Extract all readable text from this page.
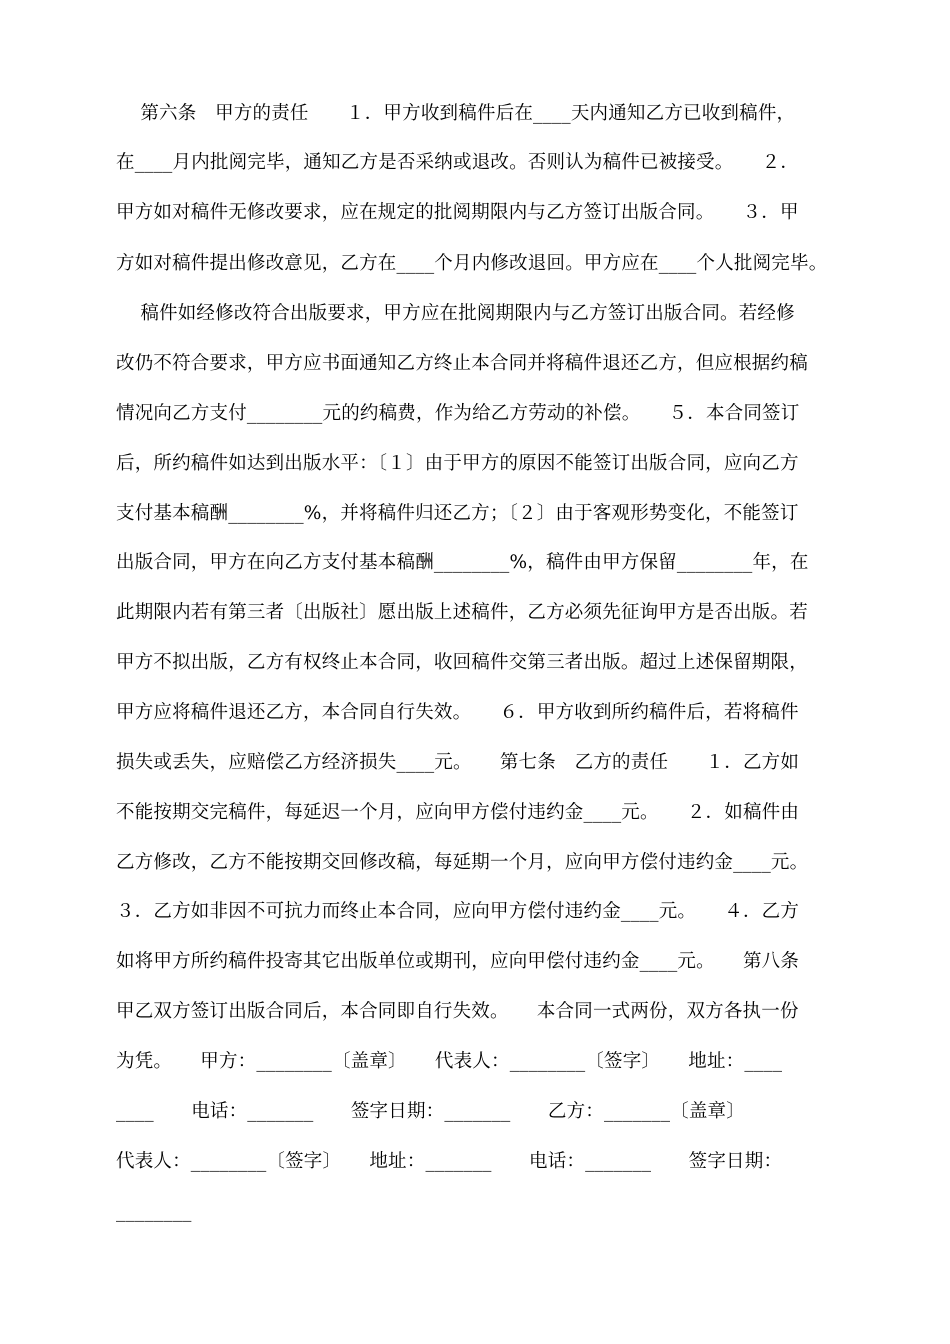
第六条　甲方的责任　　１．甲方收到稿件后在____天内通知乙方已收到稿件，
在____月内批阅完毕，通知乙方是否采纳或退改。否则认为稿件已被接受。　　２．
甲方如对稿件无修改要求，应在规定的批阅期限内与乙方签订出版合同。　　３．甲
方如对稿件提出修改意见，乙方在____个月内修改退回。甲方应在____个人批阅完毕。
稿件如经修改符合出版要求，甲方应在批阅期限内与乙方签订出版合同。若经修
改仍不符合要求，甲方应书面通知乙方终止本合同并将稿件退还乙方，但应根据约稿
情况向乙方支付________元的约稿费，作为给乙方劳动的补偿。　　５．本合同签订
后，所约稿件如达到出版水平：〔１〕由于甲方的原因不能签订出版合同，应向乙方
支付基本稿酬________%，并将稿件归还乙方；〔２〕由于客观形势变化，不能签订
出版合同，甲方在向乙方支付基本稿酬________%，稿件由甲方保留________年，在
此期限内若有第三者〔出版社〕愿出版上述稿件，乙方必须先征询甲方是否出版。若
甲方不拟出版，乙方有权终止本合同，收回稿件交第三者出版。超过上述保留期限，
甲方应将稿件退还乙方，本合同自行失效。　　６．甲方收到所约稿件后，若将稿件
损失或丢失，应赔偿乙方经济损失____元。　　第七条　乙方的责任　　１．乙方如
不能按期交完稿件，每延迟一个月，应向甲方偿付违约金____元。　　２．如稿件由
乙方修改，乙方不能按期交回修改稿，每延期一个月，应向甲方偿付违约金____元。
３．乙方如非因不可抗力而终止本合同，应向甲方偿付违约金____元。　　４．乙方
如将甲方所约稿件投寄其它出版单位或期刊，应向甲偿付违约金____元。　　第八条
甲乙双方签订出版合同后，本合同即自行失效。　　本合同一式两份，双方各执一份
为凭。　　甲方：________〔盖章〕　　代表人：________〔签字〕　　地址：____
____　　电话：_______　　签字日期：_______　　乙方：_______〔盖章〕
代表人：________〔签字〕　　地址：_______　　电话：_______　　签字日期：
________
